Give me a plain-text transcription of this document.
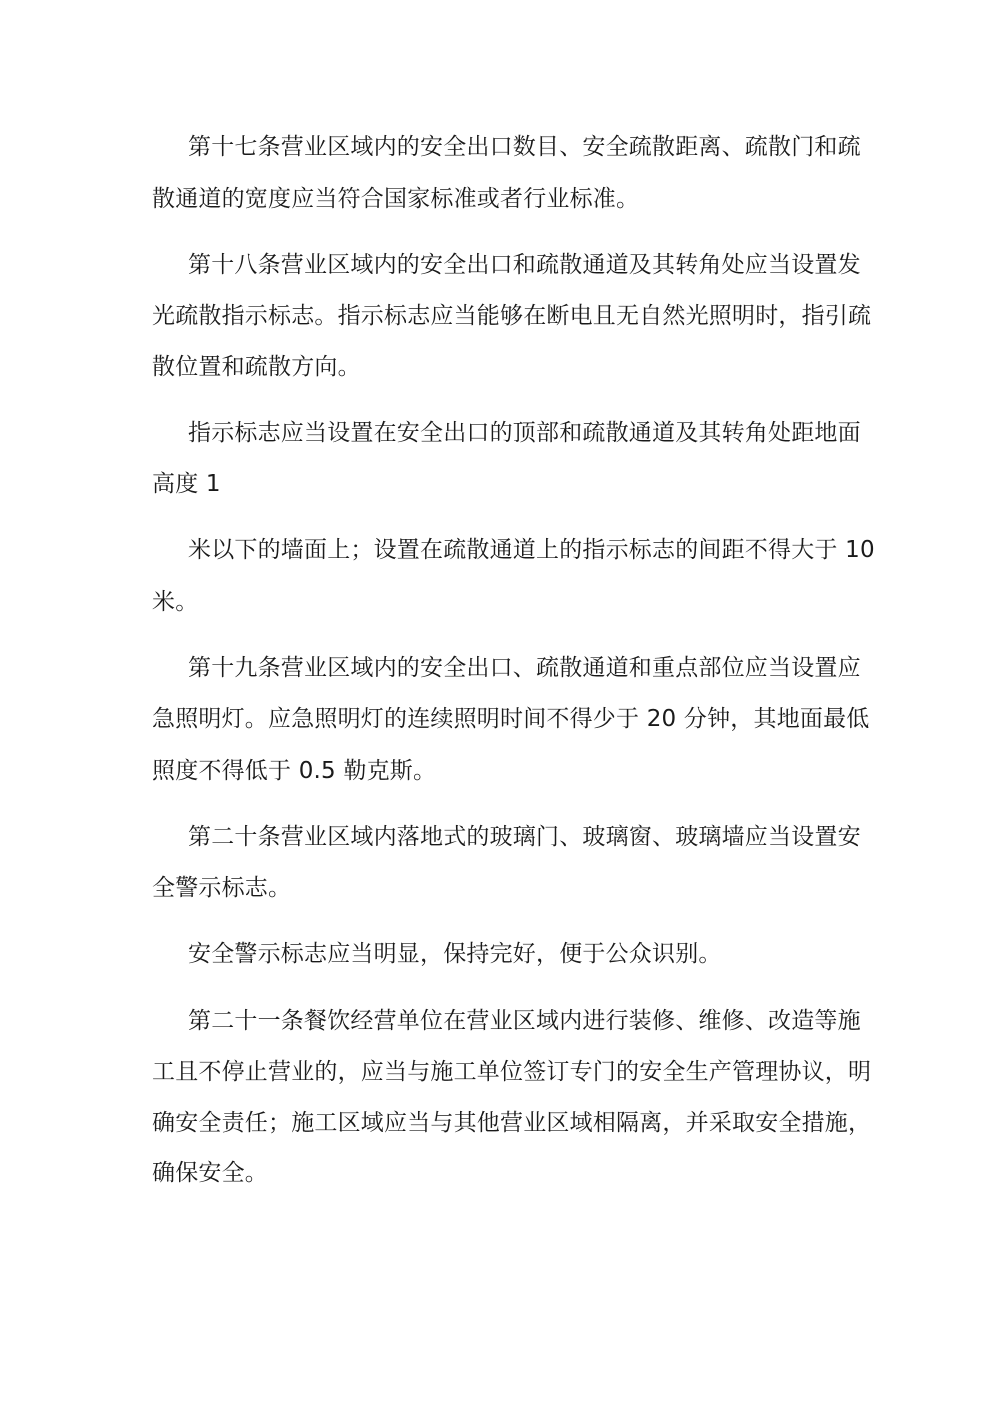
第十七条营业区域内的安全出口数目、安全疏散距离、疏散门和疏

散通道的宽度应当符合国家标准或者行业标准。

第十八条营业区域内的安全出口和疏散通道及其转角处应当设置发

光疏散指示标志。指示标志应当能够在断电且无自然光照明时，指引疏

散位置和疏散方向。

指示标志应当设置在安全出口的顶部和疏散通道及其转角处距地面

高度 1

米以下的墙面上；设置在疏散通道上的指示标志的间距不得大于 10

米。

第十九条营业区域内的安全出口、疏散通道和重点部位应当设置应

急照明灯。应急照明灯的连续照明时间不得少于 20 分钟，其地面最低

照度不得低于 0.5 勒克斯。

第二十条营业区域内落地式的玻璃门、玻璃窗、玻璃墙应当设置安

全警示标志。

安全警示标志应当明显，保持完好，便于公众识别。

第二十一条餐饮经营单位在营业区域内进行装修、维修、改造等施

工且不停止营业的，应当与施工单位签订专门的安全生产管理协议，明

确安全责任；施工区域应当与其他营业区域相隔离，并采取安全措施，

确保安全。
